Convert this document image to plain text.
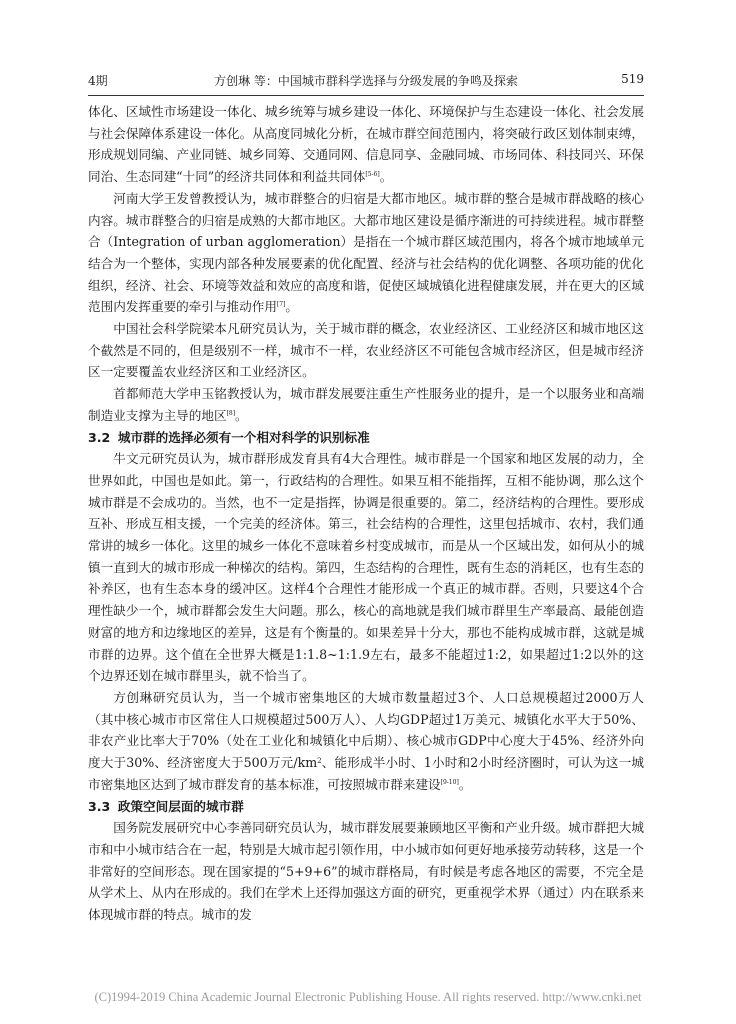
4期	方创琳 等：中国城市群科学选择与分级发展的争鸣及探索	519

体化、区域性市场建设一体化、城乡统筹与城乡建设一体化、环境保护与生态建设一体化、社会发展与社会保障体系建设一体化。从高度同城化分析，在城市群空间范围内，将突破行政区划体制束缚，形成规划同编、产业同链、城乡同筹、交通同网、信息同享、金融同城、市场同体、科技同兴、环保同治、生态同建“十同”的经济共同体和利益共同体[5-6]。

河南大学王发曾教授认为，城市群整合的归宿是大都市地区。城市群的整合是城市群战略的核心内容。城市群整合的归宿是成熟的大都市地区。大都市地区建设是循序渐进的可持续进程。城市群整合（Integration of urban agglomeration）是指在一个城市群区域范围内，将各个城市地域单元结合为一个整体，实现内部各种发展要素的优化配置、经济与社会结构的优化调整、各项功能的优化组织，经济、社会、环境等效益和效应的高度和谐，促使区域城镇化进程健康发展，并在更大的区域范围内发挥重要的牵引与推动作用[7]。

中国社会科学院梁本凡研究员认为，关于城市群的概念，农业经济区、工业经济区和城市地区这个截然是不同的，但是级别不一样，城市不一样，农业经济区不可能包含城市经济区，但是城市经济区一定要覆盖农业经济区和工业经济区。

首都师范大学申玉铭教授认为，城市群发展要注重生产性服务业的提升，是一个以服务业和高端制造业支撑为主导的地区[8]。

3.2 城市群的选择必须有一个相对科学的识别标准

牛文元研究员认为，城市群形成发育具有4大合理性。城市群是一个国家和地区发展的动力，全世界如此，中国也是如此。第一，行政结构的合理性。如果互相不能指挥，互相不能协调，那么这个城市群是不会成功的。当然，也不一定是指挥，协调是很重要的。第二，经济结构的合理性。要形成互补、形成互相支援，一个完美的经济体。第三，社会结构的合理性，这里包括城市、农村，我们通常讲的城乡一体化。这里的城乡一体化不意味着乡村变成城市，而是从一个区域出发，如何从小的城镇一直到大的城市形成一种梯次的结构。第四，生态结构的合理性，既有生态的消耗区，也有生态的补养区，也有生态本身的缓冲区。这样4个合理性才能形成一个真正的城市群。否则，只要这4个合理性缺少一个，城市群都会发生大问题。那么，核心的高地就是我们城市群里生产率最高、最能创造财富的地方和边缘地区的差异，这是有个衡量的。如果差异十分大，那也不能构成城市群，这就是城市群的边界。这个值在全世界大概是1:1.8~1:1.9左右，最多不能超过1:2，如果超过1:2以外的这个边界还划在城市群里头，就不恰当了。

方创琳研究员认为，当一个城市密集地区的大城市数量超过3个、人口总规模超过2000万人（其中核心城市市区常住人口规模超过500万人）、人均GDP超过1万美元、城镇化水平大于50%、非农产业比率大于70%（处在工业化和城镇化中后期）、核心城市GDP中心度大于45%、经济外向度大于30%、经济密度大于500万元$/km^2$、能形成半小时、1小时和2小时经济圈时，可认为这一城市密集地区达到了城市群发育的基本标准，可按照城市群来建设[9-10]。

3.3 政策空间层面的城市群

国务院发展研究中心李善同研究员认为，城市群发展要兼顾地区平衡和产业升级。城市群把大城市和中小城市结合在一起，特别是大城市起引领作用，中小城市如何更好地承接劳动转移，这是一个非常好的空间形态。现在国家提的“5+9+6”的城市群格局，有时候是考虑各地区的需要，不完全是从学术上、从内在形成的。我们在学术上还得加强这方面的研究，更重视学术界（通过）内在联系来体现城市群的特点。城市的发

(C)1994-2019 China Academic Journal Electronic Publishing House. All rights reserved. http://www.cnki.net
